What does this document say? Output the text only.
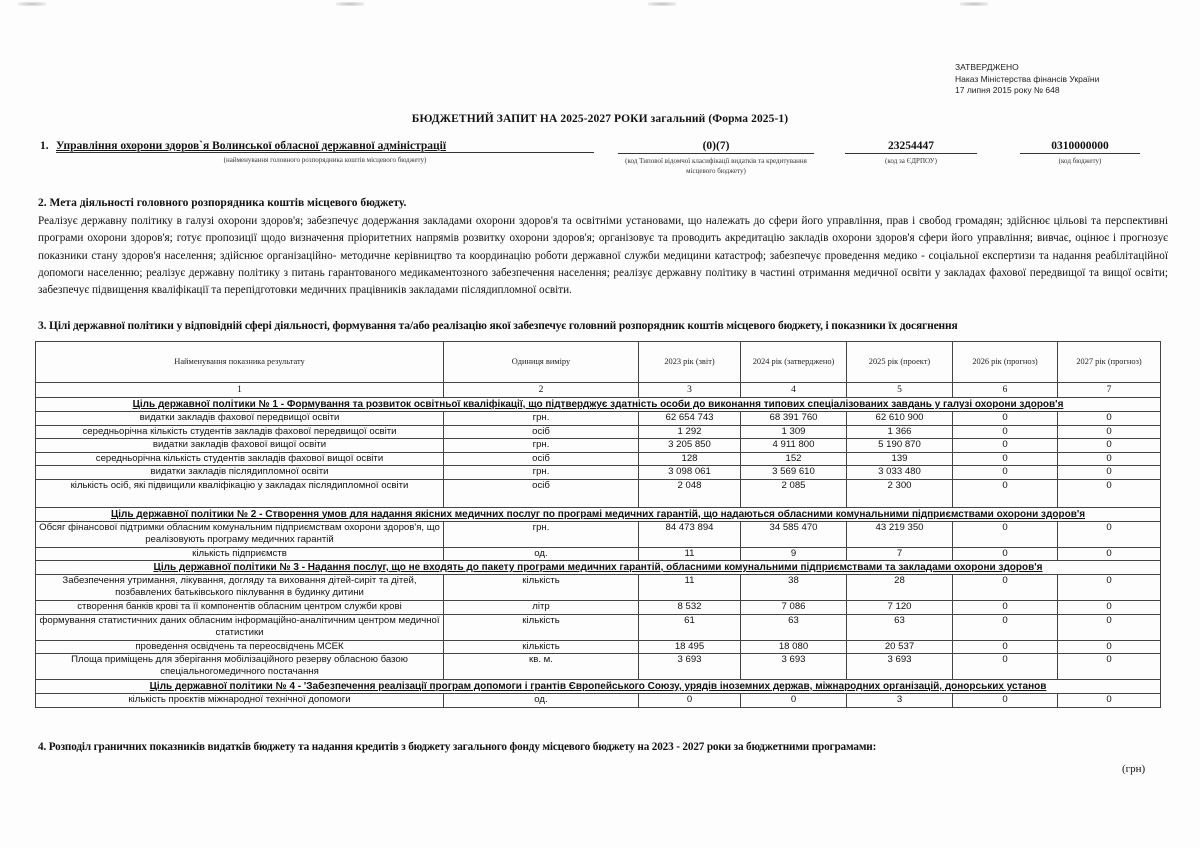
ЗАТВЕРДЖЕНО
Наказ Міністерства фінансів України
17 липня 2015 року № 648
БЮДЖЕТНИЙ ЗАПИТ НА 2025-2027 РОКИ загальний (Форма 2025-1)
1. Управління охорони здоров`я Волинської обласної державної адміністрації
(найменування головного розпорядника коштів місцевого бюджету)
(0)(7)
(код Типової відомчої класифікації видатків та кредитування місцевого бюджету)
23254447
(код за ЄДРПОУ)
0310000000
(код бюджету)
2. Мета діяльності головного розпорядника коштів місцевого бюджету.
Реалізує державну політику в галузі охорони здоров'я; забезпечує додержання закладами охорони здоров'я та освітніми установами, що належать до сфери його управління, прав і свобод громадян; здійснює цільові та перспективні програми охорони здоров'я; готує пропозиції щодо визначення пріоритетних напрямів розвитку охорони здоров'я; організовує та проводить акредитацію закладів охорони здоров'я сфери його управління; вивчає, оцінює і прогнозує показники стану здоров'я населення; здійснює організаційно- методичне керівництво та координацію роботи державної служби медицини катастроф; забезпечує проведення медико - соціальної експертизи та надання реабілітаційної допомоги населенню; реалізує державну політику з питань гарантованого медикаментозного забезпечення населення; реалізує державну політику в частині отримання медичної освіти у закладах фахової передвищої та вищої освіти; забезпечує підвищення кваліфікації та перепідготовки медичних працівників закладами післядипломної освіти.
3. Цілі державної політики у відповідній сфері діяльності, формування та/або реалізацію якої забезпечує головний розпорядник коштів місцевого бюджету, і показники їх досягнення
Найменування показника результату	Одиниця виміру	2023 рік (звіт)	2024 рік (затверджено)	2025 рік (проект)	2026 рік (прогноз)	2027 рік (прогноз)
1	2	3	4	5	6	7
Ціль державної політики № 1 - Формування та розвиток освітньої кваліфікації, що підтверджує здатність особи до виконання типових спеціалізованих завдань у галузі охорони здоров'я						
видатки закладів фахової передвищої освіти	грн.	62 654 743	68 391 760	62 610 900	0	0
середньорічна кількість студентів закладів фахової передвищої освіти	осіб	1 292	1 309	1 366	0	0
видатки закладів фахової вищої освіти	грн.	3 205 850	4 911 800	5 190 870	0	0
середньорічна кількість студентів закладів фахової вищої освіти	осіб	128	152	139	0	0
видатки закладів післядипломної освіти	грн.	3 098 061	3 569 610	3 033 480	0	0
кількість осіб, які підвищили кваліфікацію у закладах післядипломної освіти	осіб	2 048	2 085	2 300	0	0
Ціль державної політики № 2 - Створення умов для надання якісних медичних послуг по програмі медичних гарантій, що надаються обласними комунальними підприємствами охорони здоров'я						
Обсяг фінансової підтримки обласним комунальним підприємствам охорони здоров'я, що реалізовують програму медичних гарантій	грн.	84 473 894	34 585 470	43 219 350	0	0
кількість підприємств	од.	11	9	7	0	0
Ціль державної політики № 3 - Надання послуг, що не входять до пакету програми медичних гарантій, обласними комунальними підприємствами та закладами охорони здоров'я						
Забезпечення утримання, лікування, догляду та виховання дітей-сиріт та дітей, позбавлених батьківського піклування в будинку дитини	кількість	11	38	28	0	0
створення банків крові та її компонентів обласним центром служби крові	літр	8 532	7 086	7 120	0	0
формування статистичних даних обласним інформаційно-аналітичним центром медичної статистики	кількість	61	63	63	0	0
проведення освідчень та переосвідчень МСЕК	кількість	18 495	18 080	20 537	0	0
Площа приміщень для зберігання мобілізаційного резерву обласною базою спеціальногомедичного постачання	кв. м.	3 693	3 693	3 693	0	0
Ціль державної політики № 4 - 'Забезпечення реалізації програм допомоги і грантів Європейського Союзу, урядів іноземних держав, міжнародних організацій, донорських установ						
кількість проєктів міжнародної технічної допомоги	од.	0	0	3	0	0
4. Розподіл граничних показників видатків бюджету та надання кредитів з бюджету загального фонду місцевого бюджету на 2023 - 2027 роки за бюджетними програмами:
(грн)
